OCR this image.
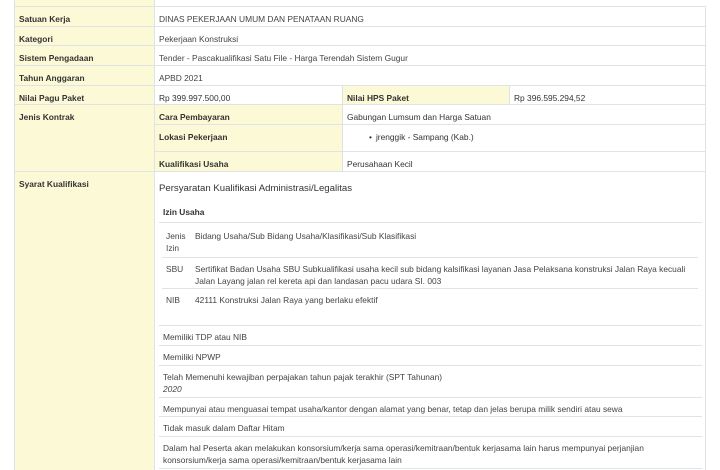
Satuan Kerja	DINAS PEKERJAAN UMUM DAN PENATAAN RUANG
Kategori	Pekerjaan Konstruksi
Sistem Pengadaan	Tender - Pascakualifikasi Satu File - Harga Terendah Sistem Gugur
Tahun Anggaran	APBD 2021
Nilai Pagu Paket	Rp 399.997.500,00	Nilai HPS Paket	Rp 396.595.294,52
Jenis Kontrak	Cara Pembayaran	Gabungan Lumsum dan Harga Satuan
Lokasi Pekerjaan
•	jrenggik - Sampang (Kab.)
Kualifikasi Usaha	Perusahaan Kecil
Syarat Kualifikasi	Persyaratan Kualifikasi Administrasi/Legalitas
Izin Usaha
Jenis Izin
Bidang Usaha/Sub Bidang Usaha/Klasifikasi/Sub Klasifikasi
SBU	Sertifikat Badan Usaha SBU Subkualifikasi usaha kecil sub bidang kalsifikasi layanan Jasa Pelaksana konstruksi Jalan Raya kecuali Jalan Layang jalan rel kereta api dan landasan pacu udara SI. 003
NIB	42111 Konstruksi Jalan Raya yang berlaku efektif
Memiliki TDP atau NIB
Memiliki NPWP
Telah Memenuhi kewajiban perpajakan tahun pajak terakhir (SPT Tahunan)
2020
Mempunyai atau menguasai tempat usaha/kantor dengan alamat yang benar, tetap dan jelas berupa milik sendiri atau sewa
Tidak masuk dalam Daftar Hitam
Dalam hal Peserta akan melakukan konsorsium/kerja sama operasi/kemitraan/bentuk kerjasama lain harus mempunyai perjanjian konsorsium/kerja sama operasi/kemitraan/bentuk kerjasama lain
